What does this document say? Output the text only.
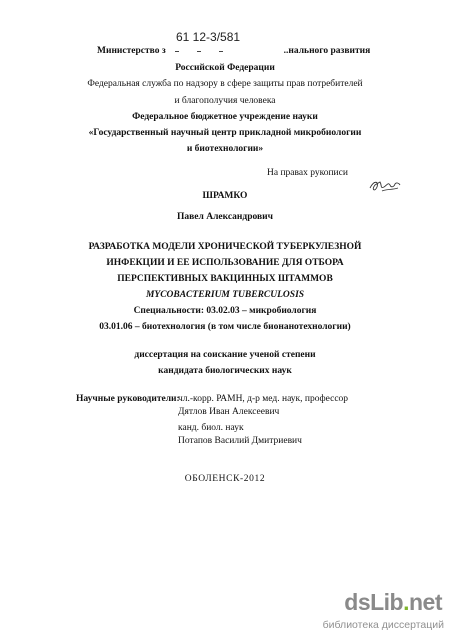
61 12-3/581
Министерство з	..нального развития
Российской Федерации
Федеральная служба по надзору в сфере защиты прав потребителей
и благополучия человека
Федеральное бюджетное учреждение науки
«Государственный научный центр прикладной микробиологии
и биотехнологии»
На правах рукописи
ШРАМКО
Павел Александрович
РАЗРАБОТКА МОДЕЛИ ХРОНИЧЕСКОЙ ТУБЕРКУЛЕЗНОЙ
ИНФЕКЦИИ И ЕЕ ИСПОЛЬЗОВАНИЕ ДЛЯ ОТБОРА
ПЕРСПЕКТИВНЫХ ВАКЦИННЫХ ШТАММОВ
MYCOBACTERIUM TUBERCULOSIS
Специальности: 03.02.03 – микробиология
03.01.06 – биотехнология (в том числе бионанотехнологии)
диссертация на соискание ученой степени
кандидата биологических наук
Научные руководители:
чл.-корр. РАМН, д-р мед. наук, профессор
Дятлов Иван Алексеевич
канд. биол. наук
Потапов Василий Дмитриевич
ОБОЛЕНСК-2012
dsLib.net
библиотека диссертаций
